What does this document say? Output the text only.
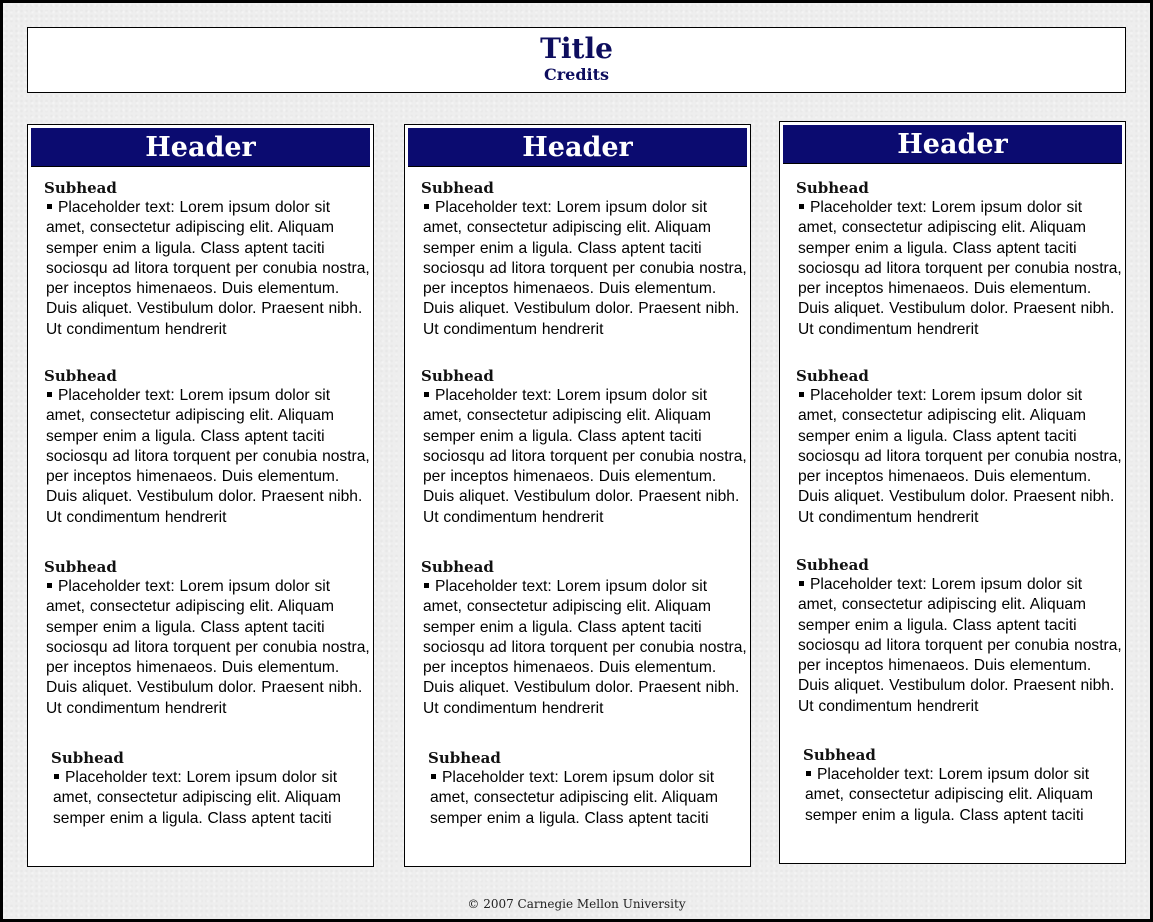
Title
Credits
Header
Subhead
Placeholder text: Lorem ipsum dolor sit amet, consectetur adipiscing elit. Aliquam semper enim a ligula. Class aptent taciti sociosqu ad litora torquent per conubia nostra, per inceptos himenaeos. Duis elementum. Duis aliquet. Vestibulum dolor. Praesent nibh. Ut condimentum hendrerit
Subhead
Placeholder text: Lorem ipsum dolor sit amet, consectetur adipiscing elit. Aliquam semper enim a ligula. Class aptent taciti sociosqu ad litora torquent per conubia nostra, per inceptos himenaeos. Duis elementum. Duis aliquet. Vestibulum dolor. Praesent nibh. Ut condimentum hendrerit
Subhead
Placeholder text: Lorem ipsum dolor sit amet, consectetur adipiscing elit. Aliquam semper enim a ligula. Class aptent taciti sociosqu ad litora torquent per conubia nostra, per inceptos himenaeos. Duis elementum. Duis aliquet. Vestibulum dolor. Praesent nibh. Ut condimentum hendrerit
Subhead
Placeholder text: Lorem ipsum dolor sit amet, consectetur adipiscing elit. Aliquam semper enim a ligula. Class aptent taciti
Header
Subhead
Placeholder text: Lorem ipsum dolor sit amet, consectetur adipiscing elit. Aliquam semper enim a ligula. Class aptent taciti sociosqu ad litora torquent per conubia nostra, per inceptos himenaeos. Duis elementum. Duis aliquet. Vestibulum dolor. Praesent nibh. Ut condimentum hendrerit
Subhead
Placeholder text: Lorem ipsum dolor sit amet, consectetur adipiscing elit. Aliquam semper enim a ligula. Class aptent taciti sociosqu ad litora torquent per conubia nostra, per inceptos himenaeos. Duis elementum. Duis aliquet. Vestibulum dolor. Praesent nibh. Ut condimentum hendrerit
Subhead
Placeholder text: Lorem ipsum dolor sit amet, consectetur adipiscing elit. Aliquam semper enim a ligula. Class aptent taciti sociosqu ad litora torquent per conubia nostra, per inceptos himenaeos. Duis elementum. Duis aliquet. Vestibulum dolor. Praesent nibh. Ut condimentum hendrerit
Subhead
Placeholder text: Lorem ipsum dolor sit amet, consectetur adipiscing elit. Aliquam semper enim a ligula. Class aptent taciti
Header
Subhead
Placeholder text: Lorem ipsum dolor sit amet, consectetur adipiscing elit. Aliquam semper enim a ligula. Class aptent taciti sociosqu ad litora torquent per conubia nostra, per inceptos himenaeos. Duis elementum. Duis aliquet. Vestibulum dolor. Praesent nibh. Ut condimentum hendrerit
Subhead
Placeholder text: Lorem ipsum dolor sit amet, consectetur adipiscing elit. Aliquam semper enim a ligula. Class aptent taciti sociosqu ad litora torquent per conubia nostra, per inceptos himenaeos. Duis elementum. Duis aliquet. Vestibulum dolor. Praesent nibh. Ut condimentum hendrerit
Subhead
Placeholder text: Lorem ipsum dolor sit amet, consectetur adipiscing elit. Aliquam semper enim a ligula. Class aptent taciti sociosqu ad litora torquent per conubia nostra, per inceptos himenaeos. Duis elementum. Duis aliquet. Vestibulum dolor. Praesent nibh. Ut condimentum hendrerit
Subhead
Placeholder text: Lorem ipsum dolor sit amet, consectetur adipiscing elit. Aliquam semper enim a ligula. Class aptent taciti
© 2007 Carnegie Mellon University
